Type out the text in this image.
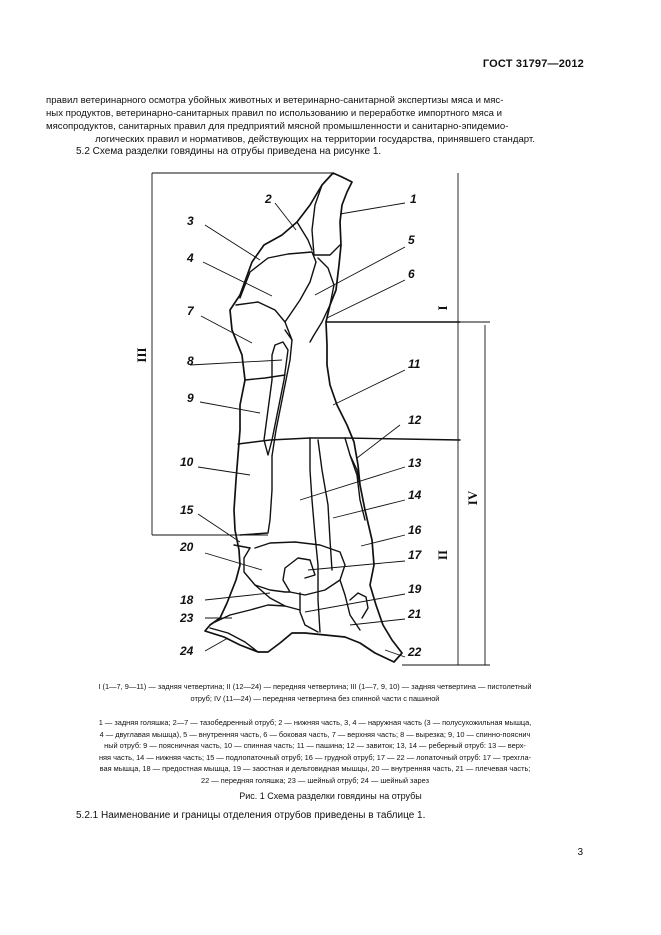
ГОСТ 31797—2012
правил ветеринарного осмотра убойных животных и ветеринарно-санитарной экспертизы мяса и мяс-
ных продуктов, ветеринарно-санитарных правил по использованию и переработке импортного мяса и
мясопродуктов, санитарных правил для предприятий мясной промышленности и санитарно-эпидемио-
логических правил и нормативов, действующих на территории государства, принявшего стандарт.
5.2 Схема разделки говядины на отрубы приведена на рисунке 1.
1
2
3
4
5
6
7
8
9
10
11
12
13
14
15
16
17
18
19
20
21
22
23
24
I
II
III
IV
I (1—7, 9—11) — задняя четвертина; II (12—24) — передняя четвертина; III (1—7, 9, 10) — задняя четвертина — пистолетный
отруб; IV (11—24) — передняя четвертина без спинной части с пашиной
1 — задняя голяшка; 2—7 — тазобедренный отруб; 2 — нижняя часть, 3, 4 — наружная часть (3 — полусухожильная мышца,
4 — двуглавая мышца), 5 — внутренняя часть, 6 — боковая часть, 7 — верхняя часть; 8 — вырезка; 9, 10 — спинно-пояснич
ный отруб: 9 — поясничная часть, 10 — спинная часть; 11 — пашина; 12 — завиток; 13, 14 — реберный отруб: 13 — верх-
няя часть, 14 — нижняя часть; 15 — подлопаточный отруб; 16 — грудной отруб; 17 — 22 — лопаточный отруб: 17 — трехгла-
вая мышца, 18 — предостная мышца, 19 — заостная и дельтовидная мышцы, 20 — внутренняя часть, 21 — плечевая часть;
22 — передняя голяшка; 23 — шейный отруб; 24 — шейный зарез
Рис. 1 Схема разделки говядины на отрубы
5.2.1 Наименование и границы отделения отрубов приведены в таблице 1.
3
